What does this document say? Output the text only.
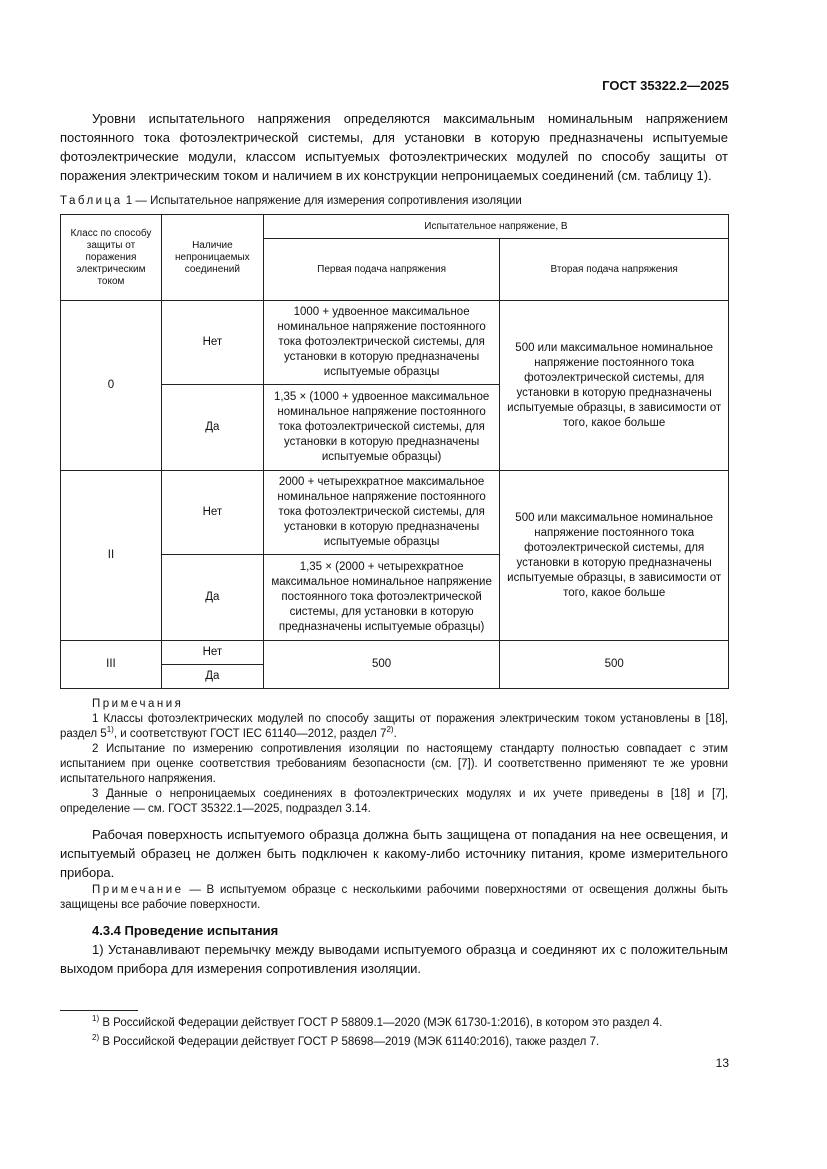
ГОСТ 35322.2—2025
Уровни испытательного напряжения определяются максимальным номинальным напряжением постоянного тока фотоэлектрической системы, для установки в которую предназначены испытуемые фотоэлектрические модули, классом испытуемых фотоэлектрических модулей по способу защиты от поражения электрическим током и наличием в их конструкции непроницаемых соединений (см. таблицу 1).
Таблица 1 — Испытательное напряжение для измерения сопротивления изоляции
Класс по способу защиты от поражения электрическим током	Наличие непроницаемых соединений	Испытательное напряжение, В	
		Первая подача напряжения	Вторая подача напряжения
0	Нет	1000 + удвоенное максимальное номинальное напряжение постоянного тока фотоэлектрической системы, для установки в которую предназначены испытуемые образцы	500 или максимальное номинальное напряжение постоянного тока фотоэлектрической системы, для установки в которую предназначены испытуемые образцы, в зависимости от того, какое больше
	Да	1,35 × (1000 + удвоенное максимальное номинальное напряжение постоянного тока фотоэлектрической системы, для установки в которую предназначены испытуемые образцы)	
II	Нет	2000 + четырехкратное максимальное номинальное напряжение постоянного тока фотоэлектрической системы, для установки в которую предназначены испытуемые образцы	500 или максимальное номинальное напряжение постоянного тока фотоэлектрической системы, для установки в которую предназначены испытуемые образцы, в зависимости от того, какое больше
	Да	1,35 × (2000 + четырехкратное максимальное номинальное напряжение постоянного тока фотоэлектрической системы, для установки в которую предназначены испытуемые образцы)	
III	Нет	500	500
	Да		

Примечания

1 Классы фотоэлектрических модулей по способу защиты от поражения электрическим током установлены в [18], раздел 5$^{1)}$, и соответствуют ГОСТ IEC 61140—2012, раздел 7$^{2)}$.

2 Испытание по измерению сопротивления изоляции по настоящему стандарту полностью совпадает с этим испытанием при оценке соответствия требованиям безопасности (см. [7]). И соответственно применяют те же уровни испытательного напряжения.

3 Данные о непроницаемых соединениях в фотоэлектрических модулях и их учете приведены в [18] и [7], определение — см. ГОСТ 35322.1—2025, подраздел 3.14.

Рабочая поверхность испытуемого образца должна быть защищена от попадания на нее освещения, и испытуемый образец не должен быть подключен к какому-либо источнику питания, кроме измерительного прибора.
Примечание — В испытуемом образце с несколькими рабочими поверхностями от освещения должны быть защищены все рабочие поверхности.
4.3.4 Проведение испытания
1) Устанавливают перемычку между выводами испытуемого образца и соединяют их с положительным выходом прибора для измерения сопротивления изоляции.
$^{1)}$ В Российской Федерации действует ГОСТ Р 58809.1—2020 (МЭК 61730-1:2016), в котором это раздел 4.
$^{2)}$ В Российской Федерации действует ГОСТ Р 58698—2019 (МЭК 61140:2016), также раздел 7.
13
